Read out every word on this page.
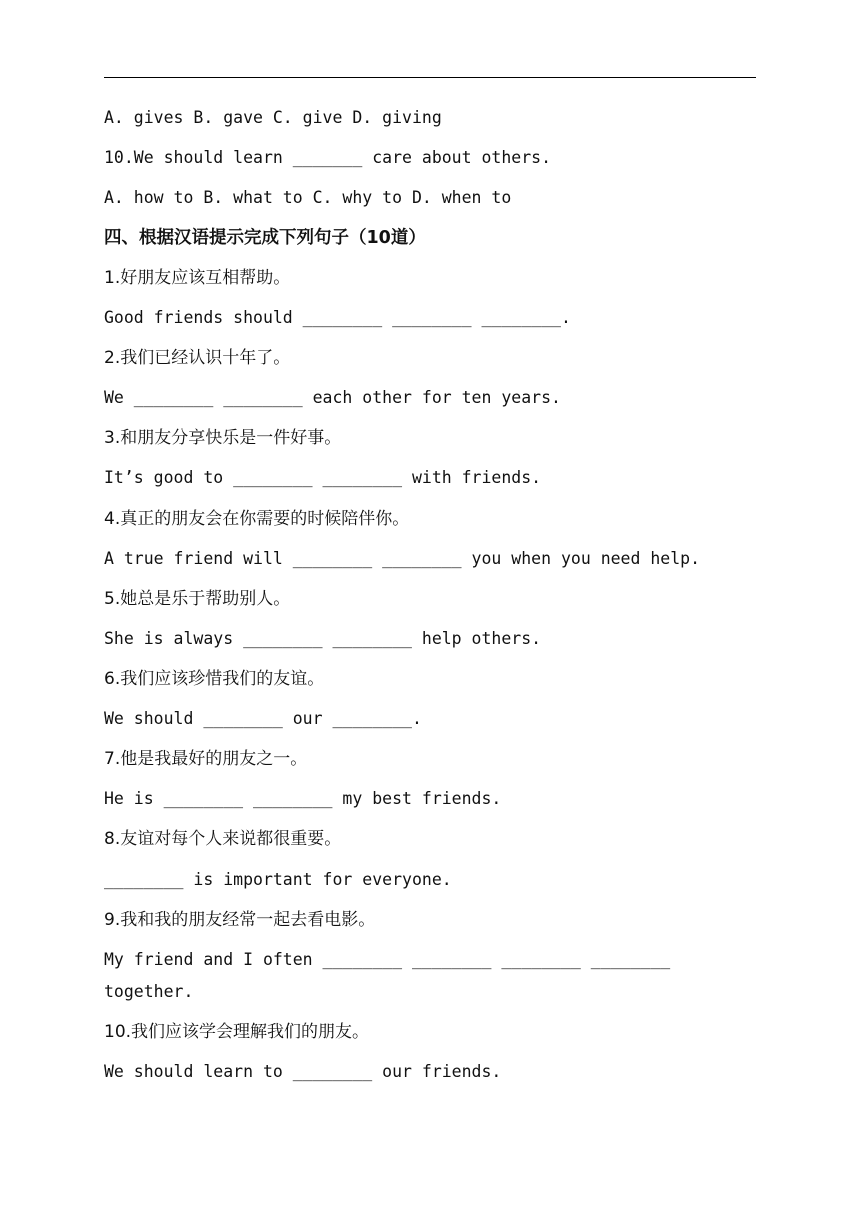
A. gives B. gave C. give D. giving
10.We should learn _______ care about others.
A. how to B. what to C. why to D. when to
四、根据汉语提示完成下列句子（10道）
1.好朋友应该互相帮助。
Good friends should ________ ________ ________.
2.我们已经认识十年了。
We ________ ________ each other for ten years.
3.和朋友分享快乐是一件好事。
It’s good to ________ ________ with friends.
4.真正的朋友会在你需要的时候陪伴你。
A true friend will ________ ________ you when you need help.
5.她总是乐于帮助别人。
She is always ________ ________ help others.
6.我们应该珍惜我们的友谊。
We should ________ our ________.
7.他是我最好的朋友之一。
He is ________ ________ my best friends.
8.友谊对每个人来说都很重要。
________ is important for everyone.
9.我和我的朋友经常一起去看电影。
My friend and I often ________ ________ ________ ________
together.
10.我们应该学会理解我们的朋友。
We should learn to ________ our friends.
